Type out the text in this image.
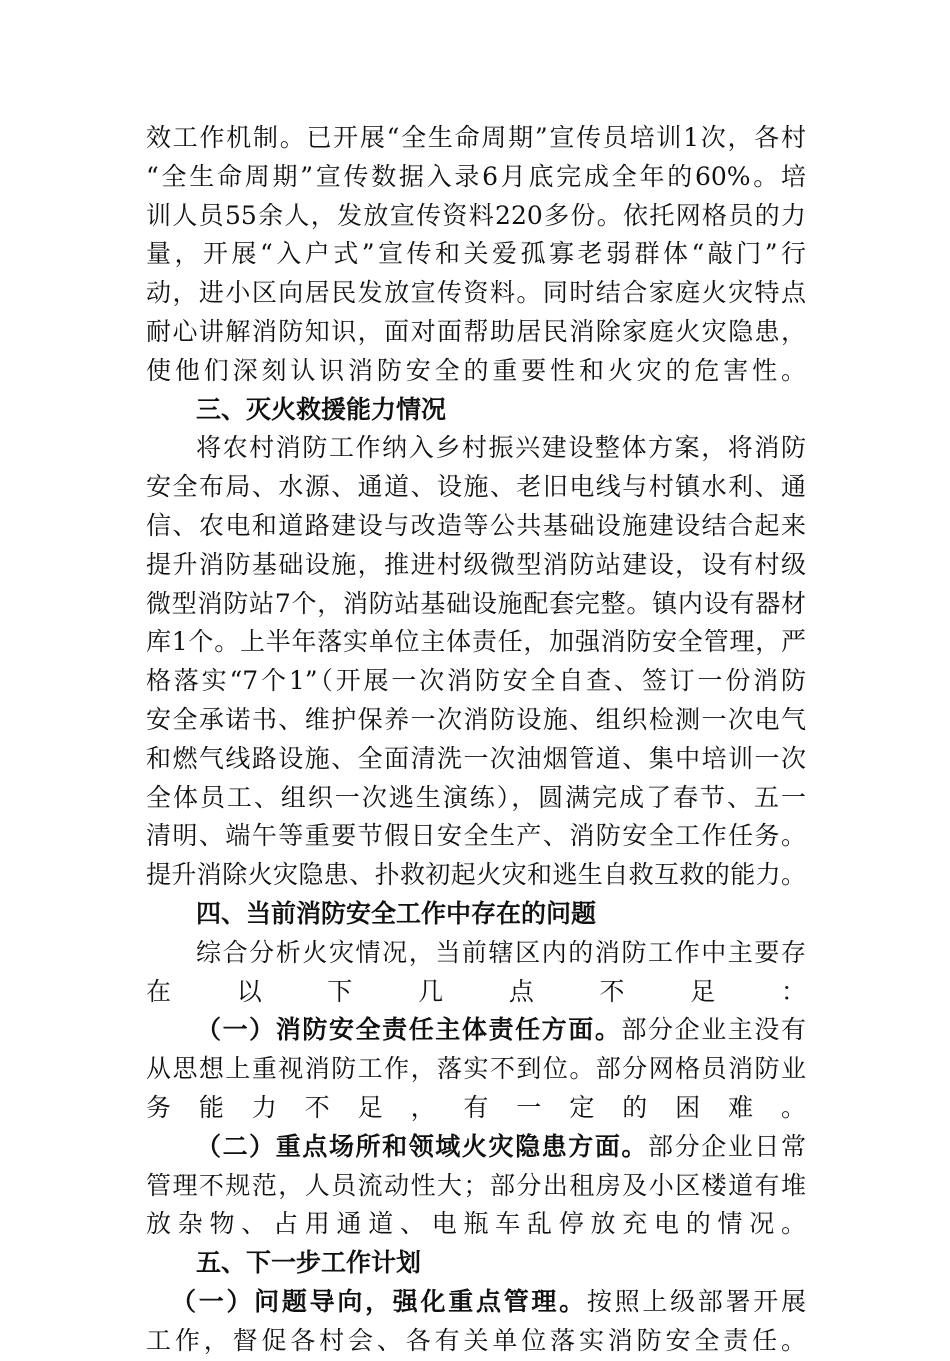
效工作机制。已开展“全生命周期”宣传员培训1次，各村
“全生命周期”宣传数据入录6月底完成全年的60%。培
训人员55余人，发放宣传资料220多份。依托网格员的力
量，开展“入户式”宣传和关爱孤寡老弱群体“敲门”行
动，进小区向居民发放宣传资料。同时结合家庭火灾特点
耐心讲解消防知识，面对面帮助居民消除家庭火灾隐患，
使他们深刻认识消防安全的重要性和火灾的危害性。
三、灭火救援能力情况
将农村消防工作纳入乡村振兴建设整体方案，将消防
安全布局、水源、通道、设施、老旧电线与村镇水利、通
信、农电和道路建设与改造等公共基础设施建设结合起来
提升消防基础设施，推进村级微型消防站建设，设有村级
微型消防站7个，消防站基础设施配套完整。镇内设有器材
库1个。上半年落实单位主体责任，加强消防安全管理，严
格落实“7个1”（开展一次消防安全自查、签订一份消防
安全承诺书、维护保养一次消防设施、组织检测一次电气
和燃气线路设施、全面清洗一次油烟管道、集中培训一次
全体员工、组织一次逃生演练），圆满完成了春节、五一
清明、端午等重要节假日安全生产、消防安全工作任务。
提升消除火灾隐患、扑救初起火灾和逃生自救互救的能力。
四、当前消防安全工作中存在的问题
综合分析火灾情况，当前辖区内的消防工作中主要存
在以下几点不足：
（一）消防安全责任主体责任方面。部分企业主没有
从思想上重视消防工作，落实不到位。部分网格员消防业
务能力不足，有一定的困难。
（二）重点场所和领域火灾隐患方面。部分企业日常
管理不规范，人员流动性大；部分出租房及小区楼道有堆
放杂物、占用通道、电瓶车乱停放充电的情况。
五、下一步工作计划
（一）问题导向，强化重点管理。按照上级部署开展
工作，督促各村会、各有关单位落实消防安全责任。
